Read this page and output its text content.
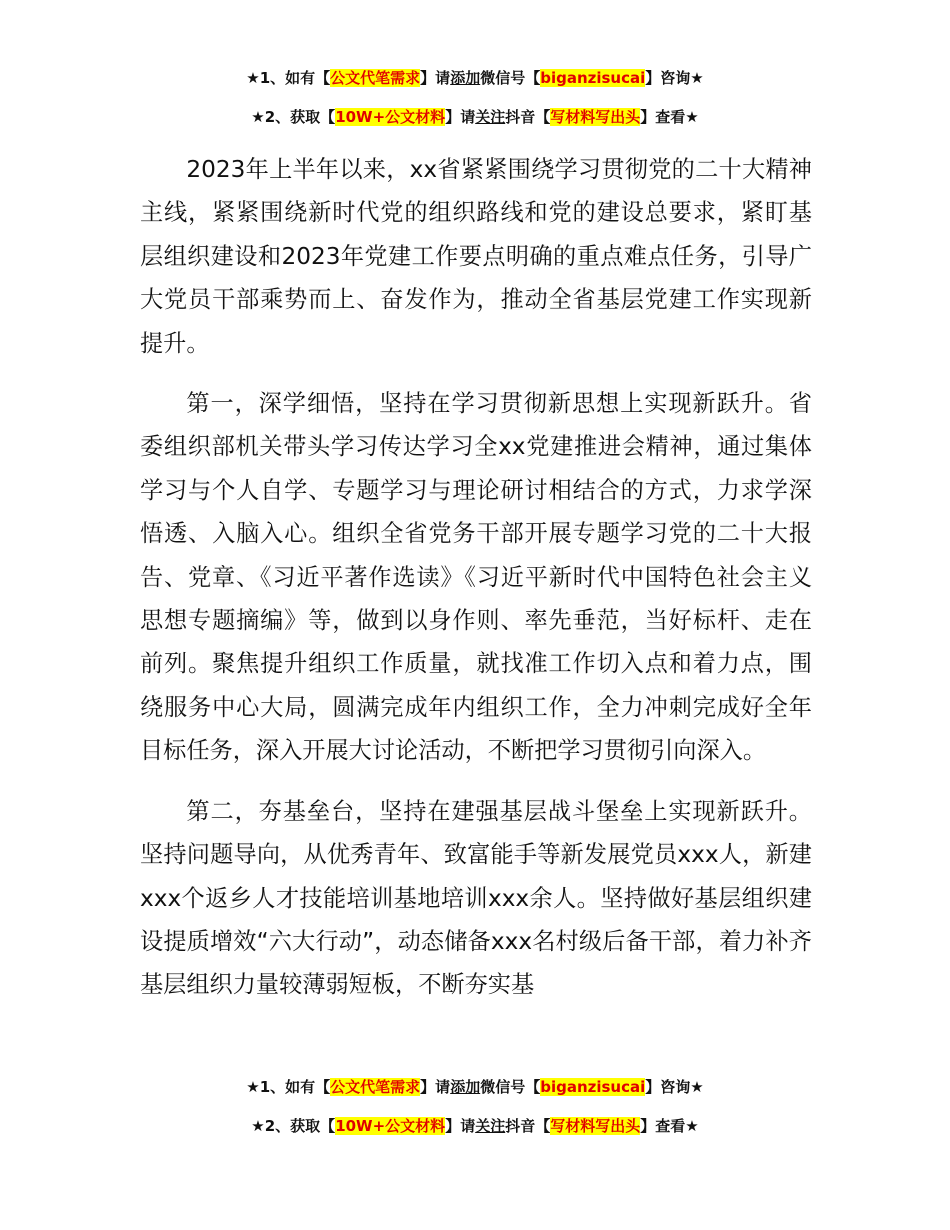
★1、如有【公文代笔需求】请添加微信号【biganzisucai】咨询★
★2、获取【10W+公文材料】请关注抖音【写材料写出头】查看★

2023年上半年以来，xx省紧紧围绕学习贯彻党的二十大精神主线，紧紧围绕新时代党的组织路线和党的建设总要求，紧盯基层组织建设和2023年党建工作要点明确的重点难点任务，引导广大党员干部乘势而上、奋发作为，推动全省基层党建工作实现新提升。

第一，深学细悟，坚持在学习贯彻新思想上实现新跃升。省委组织部机关带头学习传达学习全xx党建推进会精神，通过集体学习与个人自学、专题学习与理论研讨相结合的方式，力求学深悟透、入脑入心。组织全省党务干部开展专题学习党的二十大报告、党章、《习近平著作选读》《习近平新时代中国特色社会主义思想专题摘编》等，做到以身作则、率先垂范，当好标杆、走在前列。聚焦提升组织工作质量，就找准工作切入点和着力点，围绕服务中心大局，圆满完成年内组织工作，全力冲刺完成好全年目标任务，深入开展大讨论活动，不断把学习贯彻引向深入。

第二，夯基垒台，坚持在建强基层战斗堡垒上实现新跃升。坚持问题导向，从优秀青年、致富能手等新发展党员xxx人，新建xxx个返乡人才技能培训基地培训xxx余人。坚持做好基层组织建设提质增效“六大行动”，动态储备xxx名村级后备干部，着力补齐基层组织力量较薄弱短板，不断夯实基

★1、如有【公文代笔需求】请添加微信号【biganzisucai】咨询★
★2、获取【10W+公文材料】请关注抖音【写材料写出头】查看★
